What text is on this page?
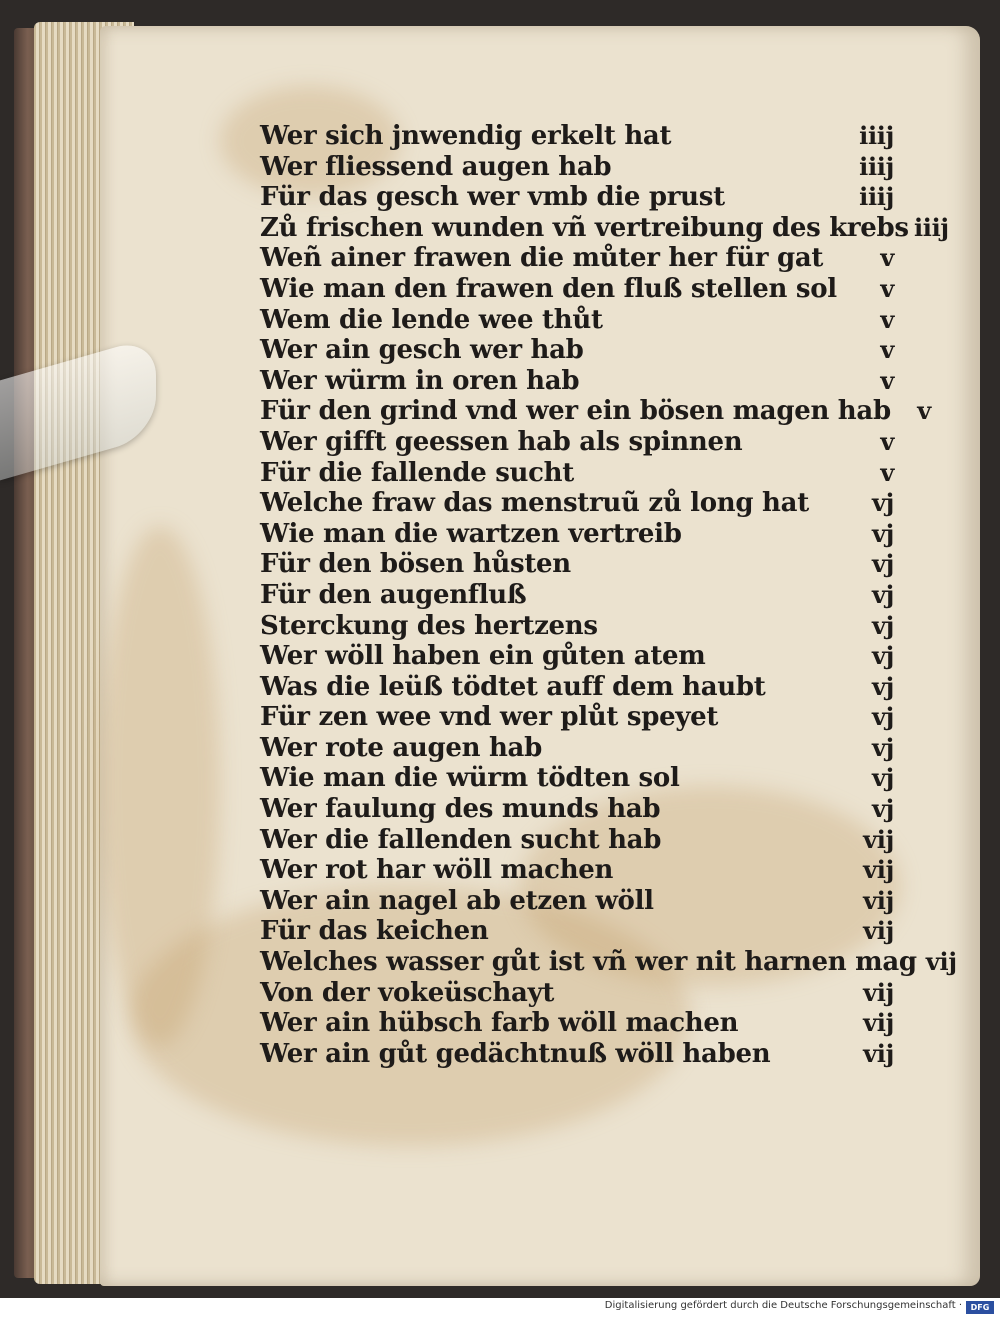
Wer sich jnwendig erkelt hat	iiij
Wer fliessend augen hab	iiij
Für das gesch wer vmb die prust	iiij
Zů frischen wunden vñ vertreibung des krebs iiij
Weñ ainer frawen die můter her für gat	v
Wie man den frawen den fluß stellen sol	v
Wem die lende wee thůt	v
Wer ain gesch wer hab	v
Wer würm in oren hab	v
Für den grind vnd wer ein bösen magen hab	v
Wer gifft geessen hab als spinnen	v
Für die fallende sucht	v
Welche fraw das menstruũ zů long hat	vj
Wie man die wartzen vertreib	vj
Für den bösen hůsten	vj
Für den augenfluß	vj
Sterckung des hertzens	vj
Wer wöll haben ein gůten atem	vj
Was die leüß tödtet auff dem haubt	vj
Für zen wee vnd wer plůt speyet	vj
Wer rote augen hab	vj
Wie man die würm tödten sol	vj
Wer faulung des munds hab	vj
Wer die fallenden sucht hab	vij
Wer rot har wöll machen	vij
Wer ain nagel ab etzen wöll	vij
Für das keichen	vij
Welches wasser gůt ist vñ wer nit harnen mag vij
Von der vokeüschayt	vij
Wer ain hübsch farb wöll machen	vij
Wer ain gůt gedächtnuß wöll haben	vij
Digitalisierung gefördert durch die Deutsche Forschungsgemeinschaft ·	DFG
